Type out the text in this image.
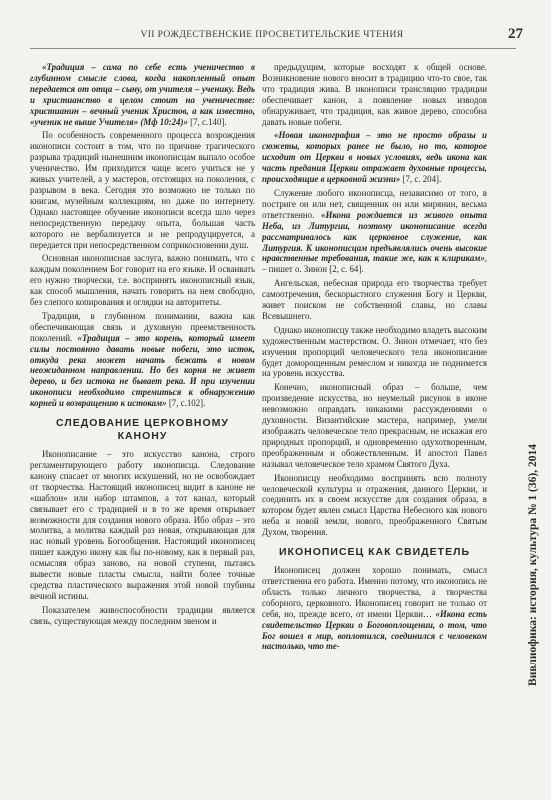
VII РОЖДЕСТВЕНСКИЕ ПРОСВЕТИТЕЛЬСКИЕ ЧТЕНИЯ	27

«Традиция – сама по себе есть ученичество в глубинном смысле слова, когда накопленный опыт передается от отца – сыну, от учителя – ученику. Ведь и христианство в целом стоит на ученичестве: христианин – вечный ученик Христов, а как известно, «ученик не выше Учителя» (Мф 10:24)» [7, с.140].

По особенность современного процесса возрождения иконописи состоит в том, что по причине трагического разрыва традиций нынешним иконописцам выпало особое ученичество. Им приходится чаще всего учиться не у живых учителей, а у мастеров, отстоящих на поколения, с разрывом в века. Сегодня это возможно не только по книгам, музейным коллекциям, но даже по интернету. Однако настоящее обучение иконописи всегда шло через непосредственную передачу опыта, большая часть которого не вербализуется и не репродуцируется, а передается при непосредственном соприкосновении душ.

Основная иконописная заслуга, важно понимать, что с каждым поколением Бог говорит на его языке. И осваивать его нужно творчески, т.е. воспринять иконописный язык, как способ мышления, начать говорить на нем свободно, без слепого копирования и оглядки на авторитеты.

Традиция, в глубинном понимании, важна как обеспечивающая связь и духовную преемственность поколений. «Традиция – это корень, который имеет силы постоянно давать новые побеги, это исток, откуда река может начать бежать в новом неожиданном направлении. Но без корня не живет дерево, и без истока не бывает река. И при изучении иконописи необходимо стремиться к обнаружению корней и возвращению к истокам» [7, с.102].

СЛЕДОВАНИЕ ЦЕРКОВНОМУ КАНОНУ

Иконописание – это искусство канона, строго регламентирующего работу иконописца. Следование канону спасает от многих искушений, но не освобождает от творчества. Настоящий иконописец видит в каноне не «шаблон» или набор штампов, а тот канал, который связывает его с традицией и в то же время открывает возможности для создания нового образа. Ибо образ – это молитва, а молитва каждый раз новая, открывающая для нас новый уровень Богообщения. Настоящий иконописец пишет каждую икону как бы по-новому, как в первый раз, осмысляя образ заново, на новой ступени, пытаясь вывести новые пласты смысла, найти более точные средства пластического выражения этой новой глубины вечной истины.

Показателем живоспособности традиции является связь, существующая между последним звеном и

предыдущим, которые восходят к общей основе. Возникновение нового вносит в традицию что-то свое, так что традиция жива. В иконописи трансляцию традиции обеспечивает канон, а появление новых изводов обнаруживает, что традиция, как живое дерево, способна давать новые побеги.

«Новая иконография – это не просто образы и сюжеты, которых ранее не было, но то, которое исходит от Церкви в новых условиях, ведь икона как часть предания Церкви отражает духовные процессы, происходящие в церковной жизни» [7, с. 204].

Служение любого иконописца, независимо от того, в постриге он или нет, священник он или мирянин, весьма ответственно. «Икона рождается из живого опыта Неба, из Литургии, поэтому иконописание всегда рассматривалось как церковное служение, как Литургия. К иконописцам предъявлялись очень высокие нравственные требования, такие же, как к клирикам», – пишет о. Зинон [2, с. 64].

Ангельская, небесная природа его творчества требует самоотречения, бескорыстного служения Богу и Церкви, живет поиском не собственной славы, но славы Всевышнего.

Однако иконописцу также необходимо владеть высоким художественным мастерством. О. Зинон отмечает, что без изучения пропорций человеческого тела иконописание будет доморощенным ремеслом и никогда не поднимется на уровень искусства.

Конечно, иконописный образ – больше, чем произведение искусства, но неумелый рисунок в иконе невозможно оправдать никакими рассуждениями о духовности. Византийские мастера, например, умели изображать человеческое тело прекрасным, не искажая его природных пропорций, и одновременно одухотворенным, преображенным и обожествленным. И апостол Павел называл человеческое тело храмом Святого Духа.

Иконописцу необходимо воспринять всю полноту человеческой культуры и отражения, данного Церкви, и соединить их в своем искусстве для создания образа, в котором будет явлен смысл Царства Небесного как нового неба и новой земли, нового, преображенного Святым Духом, творения.

ИКОНОПИСЕЦ КАК СВИДЕТЕЛЬ

Иконописец должен хорошо понимать, смысл ответственна его работа. Именно потому, что иконопись не область только личного творчества, а творчества соборного, церковного. Иконописец говорит не только от себя, но, прежде всего, от имени Церкви… «Икона есть свидетельство Церкви о Боговоплощении, о том, что Бог вошел в мир, воплотился, соединился с человеком настолько, что те-	Вивлиофика: история, культура № 1 (36), 2014
